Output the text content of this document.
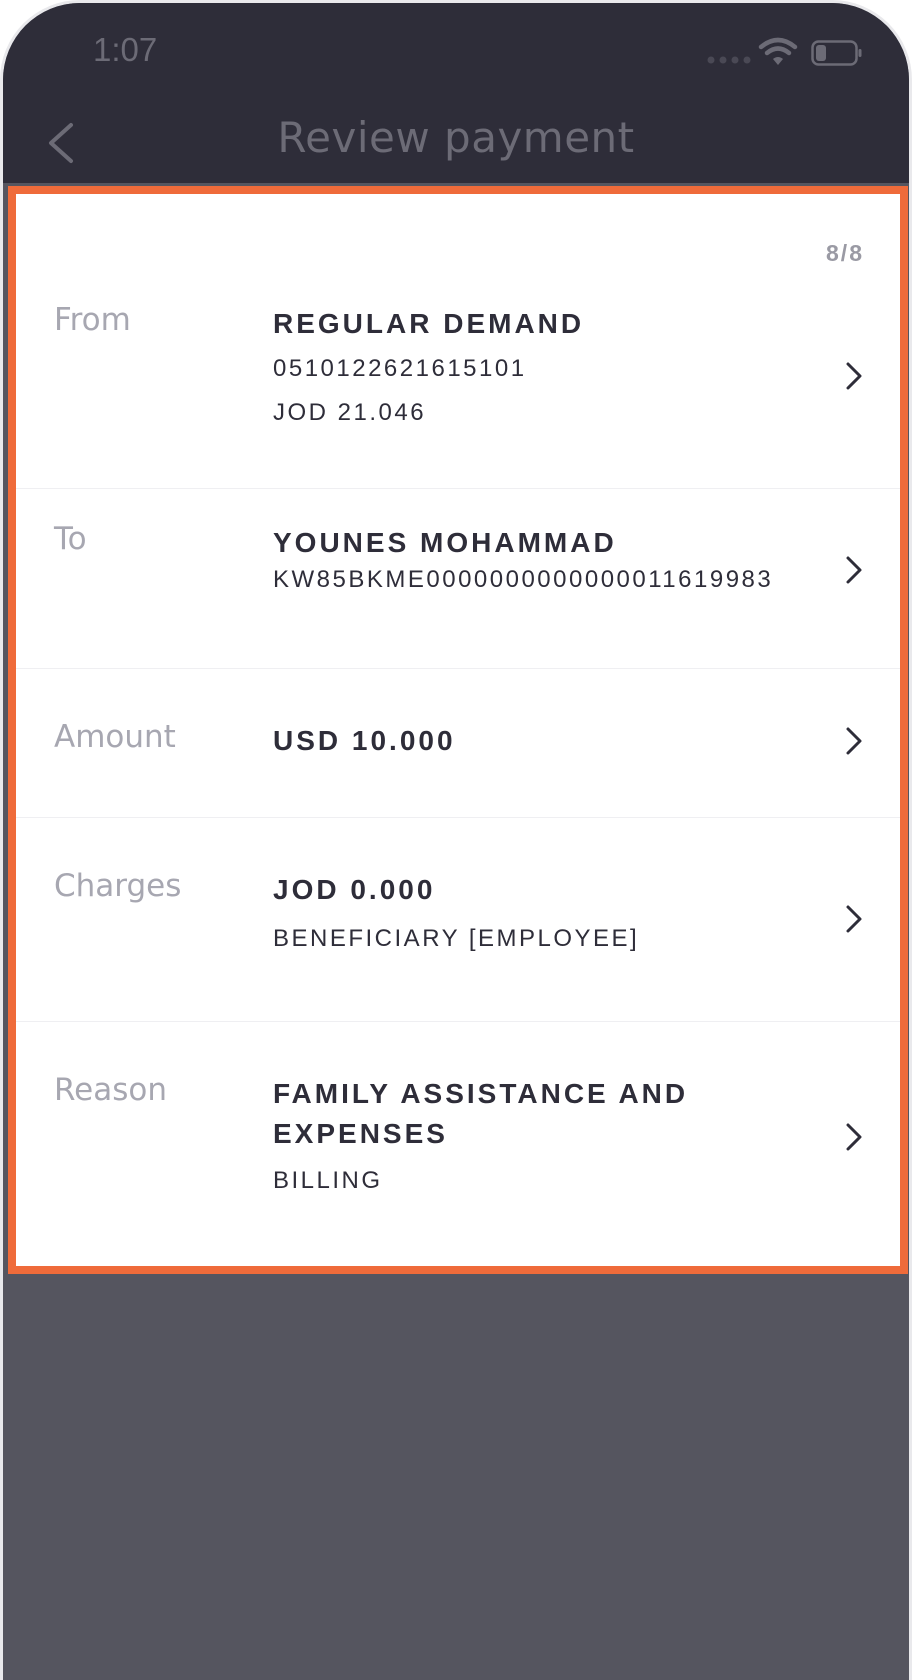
1:07
Review payment
8/8
From	REGULAR DEMAND
0510122621615101
JOD 21.046
To	YOUNES MOHAMMAD
KW85BKME0000000000000011619983
Amount	USD 10.000
Charges	JOD 0.000
BENEFICIARY [EMPLOYEE]
Reason	FAMILY ASSISTANCE AND
EXPENSES
BILLING
